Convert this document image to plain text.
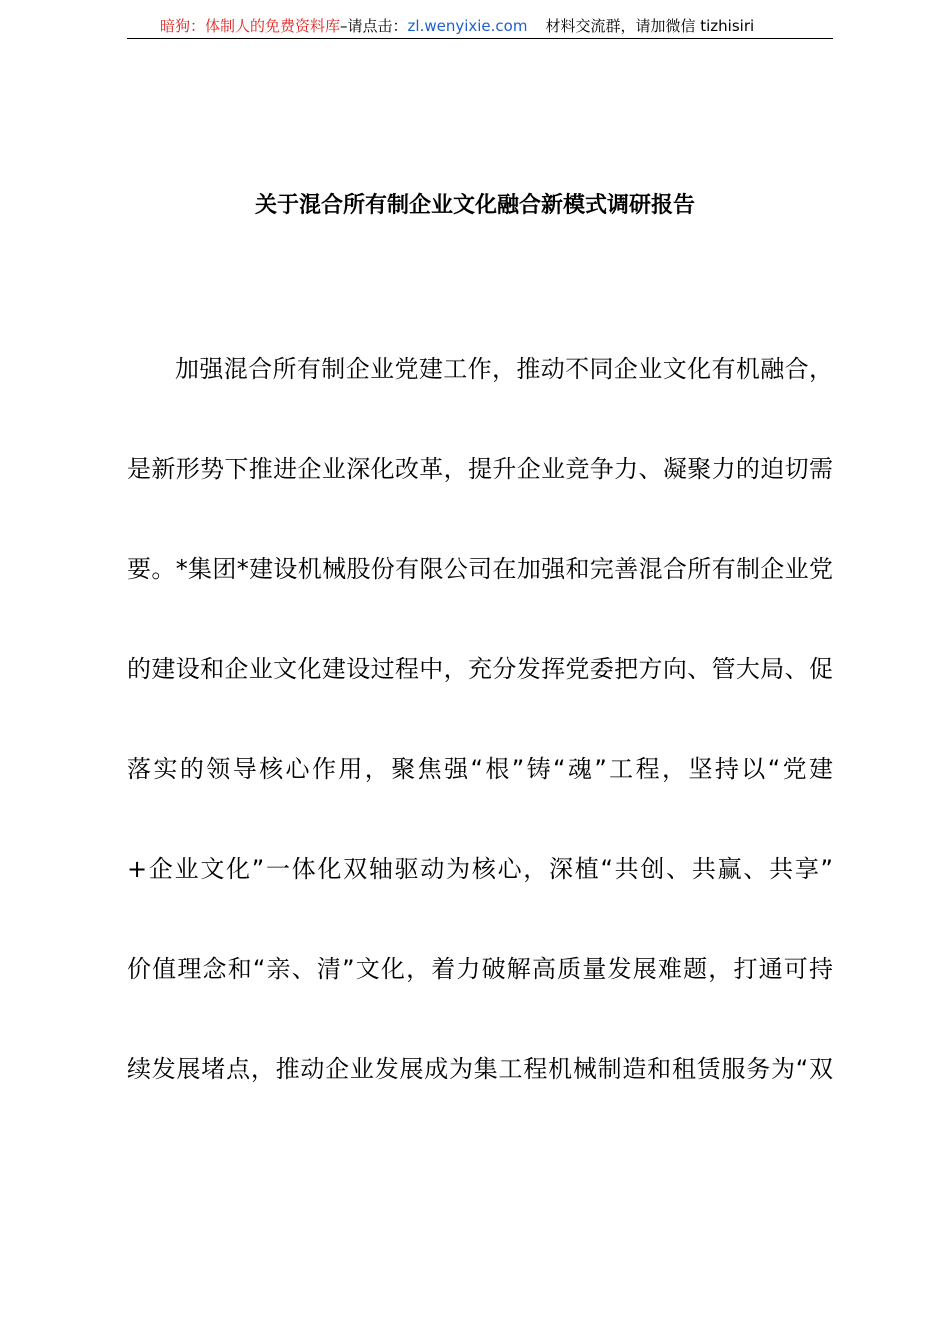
暗狗：体制人的免费资料库–请点击：zl.wenyixie.com 材料交流群，请加微信 tizhisiri
关于混合所有制企业文化融合新模式调研报告
加强混合所有制企业党建工作，推动不同企业文化有机融合，
是新形势下推进企业深化改革，提升企业竞争力、凝聚力的迫切需
要。*集团*建设机械股份有限公司在加强和完善混合所有制企业党
的建设和企业文化建设过程中，充分发挥党委把方向、管大局、促
落实的领导核心作用，聚焦强“根”铸“魂”工程，坚持以“党建
+企业文化”一体化双轴驱动为核心，深植“共创、共赢、共享”
价值理念和“亲、清”文化，着力破解高质量发展难题，打通可持
续发展堵点，推动企业发展成为集工程机械制造和租赁服务为“双
